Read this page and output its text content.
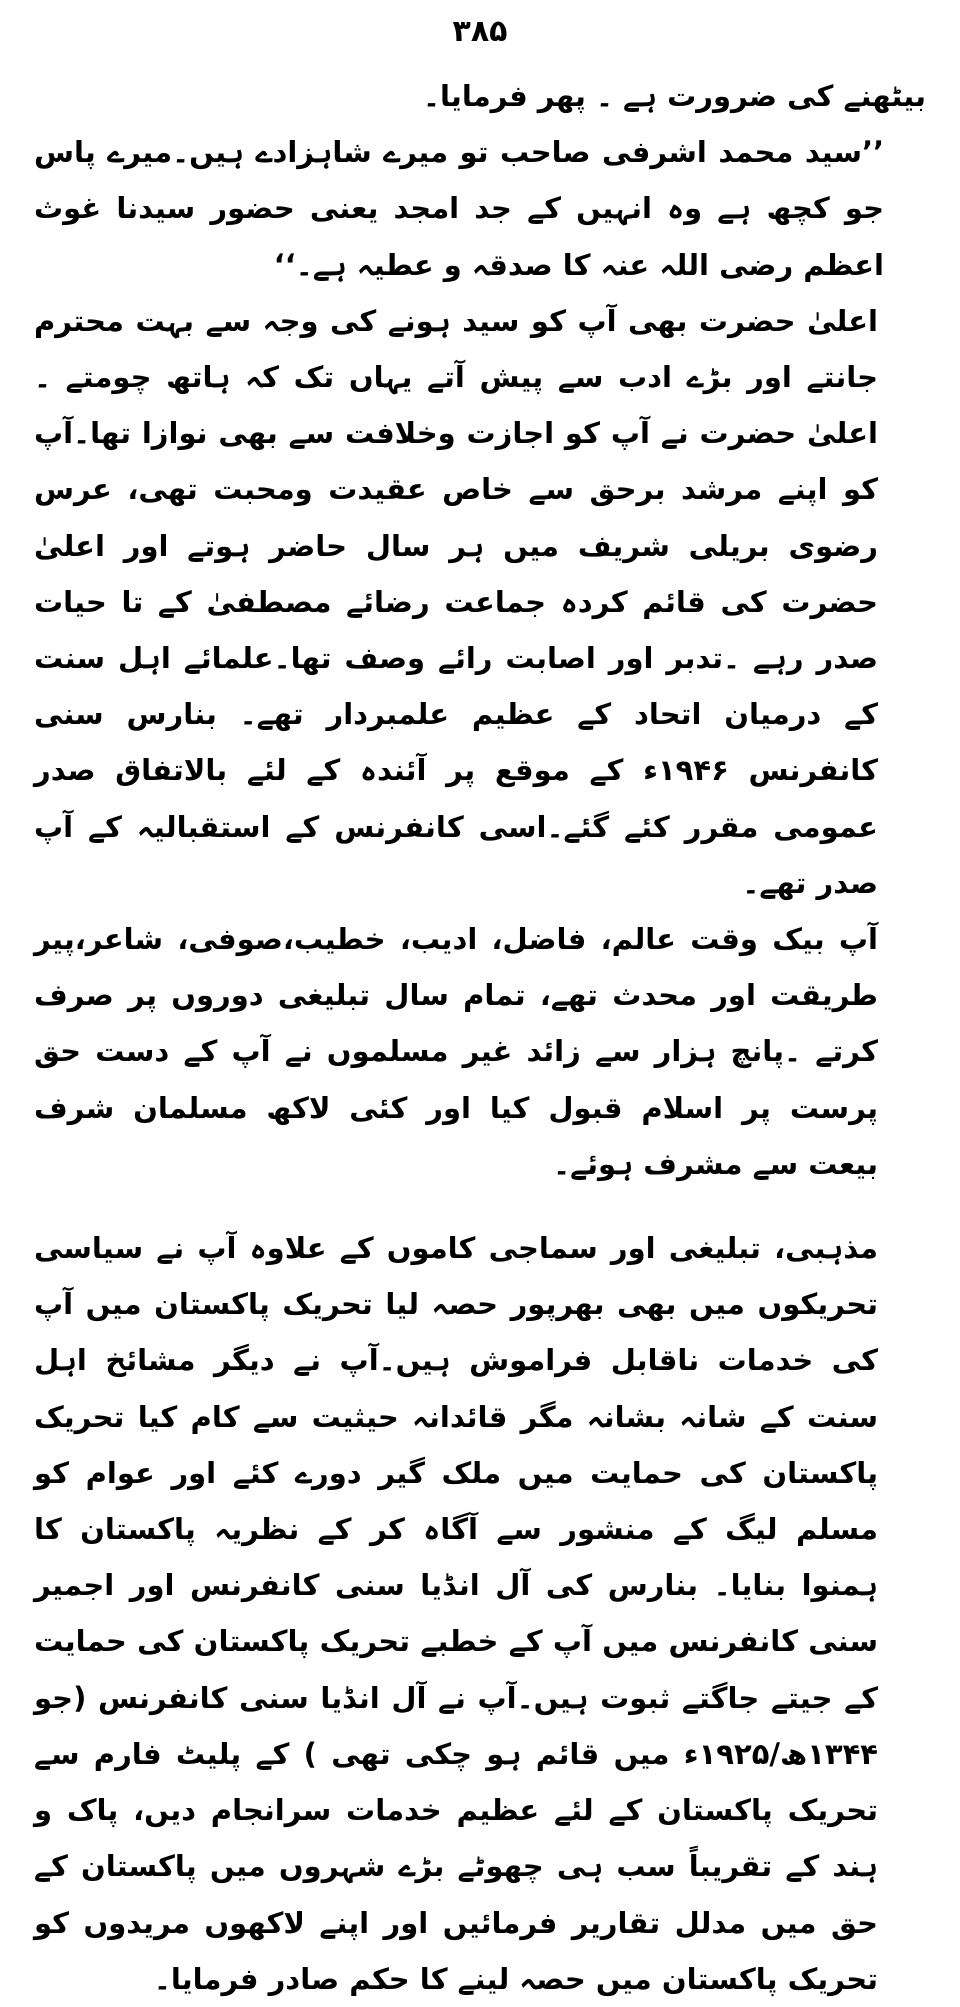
۳۸۵

بیٹھنے کی ضرورت ہے ۔ پھر فرمایا۔

’’سید محمد اشرفی صاحب تو میرے شاہزادے ہیں۔میرے پاس جو کچھ ہے وہ انہیں کے جد امجد یعنی حضور سیدنا غوث اعظم رضی اللہ عنہ کا صدقہ و عطیہ ہے۔‘‘

اعلیٰ حضرت بھی آپ کو سید ہونے کی وجہ سے بہت محترم جانتے اور بڑے ادب سے پیش آتے یہاں تک کہ ہاتھ چومتے ۔اعلیٰ حضرت نے آپ کو اجازت وخلافت سے بھی نوازا تھا۔آپ کو اپنے مرشد برحق سے خاص عقیدت ومحبت تھی، عرس رضوی بریلی شریف میں ہر سال حاضر ہوتے اور اعلیٰ حضرت کی قائم کردہ جماعت رضائے مصطفیٰ کے تا حیات صدر رہے ۔تدبر اور اصابت رائے وصف تھا۔علمائے اہل سنت کے درمیان اتحاد کے عظیم علمبردار تھے۔ بنارس سنی کانفرنس ۱۹۴۶ء کے موقع پر آئندہ کے لئے بالاتفاق صدر عمومی مقرر کئے گئے۔اسی کانفرنس کے استقبالیہ کے آپ صدر تھے۔

آپ بیک وقت عالم، فاضل، ادیب، خطیب،صوفی، شاعر،پیر طریقت اور محدث تھے، تمام سال تبلیغی دوروں پر صرف کرتے ۔پانچ ہزار سے زائد غیر مسلموں نے آپ کے دست حق پرست پر اسلام قبول کیا اور کئی لاکھ مسلمان شرف بیعت سے مشرف ہوئے۔

مذہبی، تبلیغی اور سماجی کاموں کے علاوہ آپ نے سیاسی تحریکوں میں بھی بھرپور حصہ لیا تحریک پاکستان میں آپ کی خدمات ناقابل فراموش ہیں۔آپ نے دیگر مشائخ اہل سنت کے شانہ بشانہ مگر قائدانہ حیثیت سے کام کیا تحریک پاکستان کی حمایت میں ملک گیر دورے کئے اور عوام کو مسلم لیگ کے منشور سے آگاہ کر کے نظریہ پاکستان کا ہمنوا بنایا۔ بنارس کی آل انڈیا سنی کانفرنس اور اجمیر سنی کانفرنس میں آپ کے خطبے تحریک پاکستان کی حمایت کے جیتے جاگتے ثبوت ہیں۔آپ نے آل انڈیا سنی کانفرنس (جو ۱۳۴۴ھ/۱۹۲۵ء میں قائم ہو چکی تھی ) کے پلیٹ فارم سے تحریک پاکستان کے لئے عظیم خدمات سرانجام دیں، پاک و ہند کے تقریباً سب ہی چھوٹے بڑے شہروں میں پاکستان کے حق میں مدلل تقاریر فرمائیں اور اپنے لاکھوں مریدوں کو تحریک پاکستان میں حصہ لینے کا حکم صادر فرمایا۔
